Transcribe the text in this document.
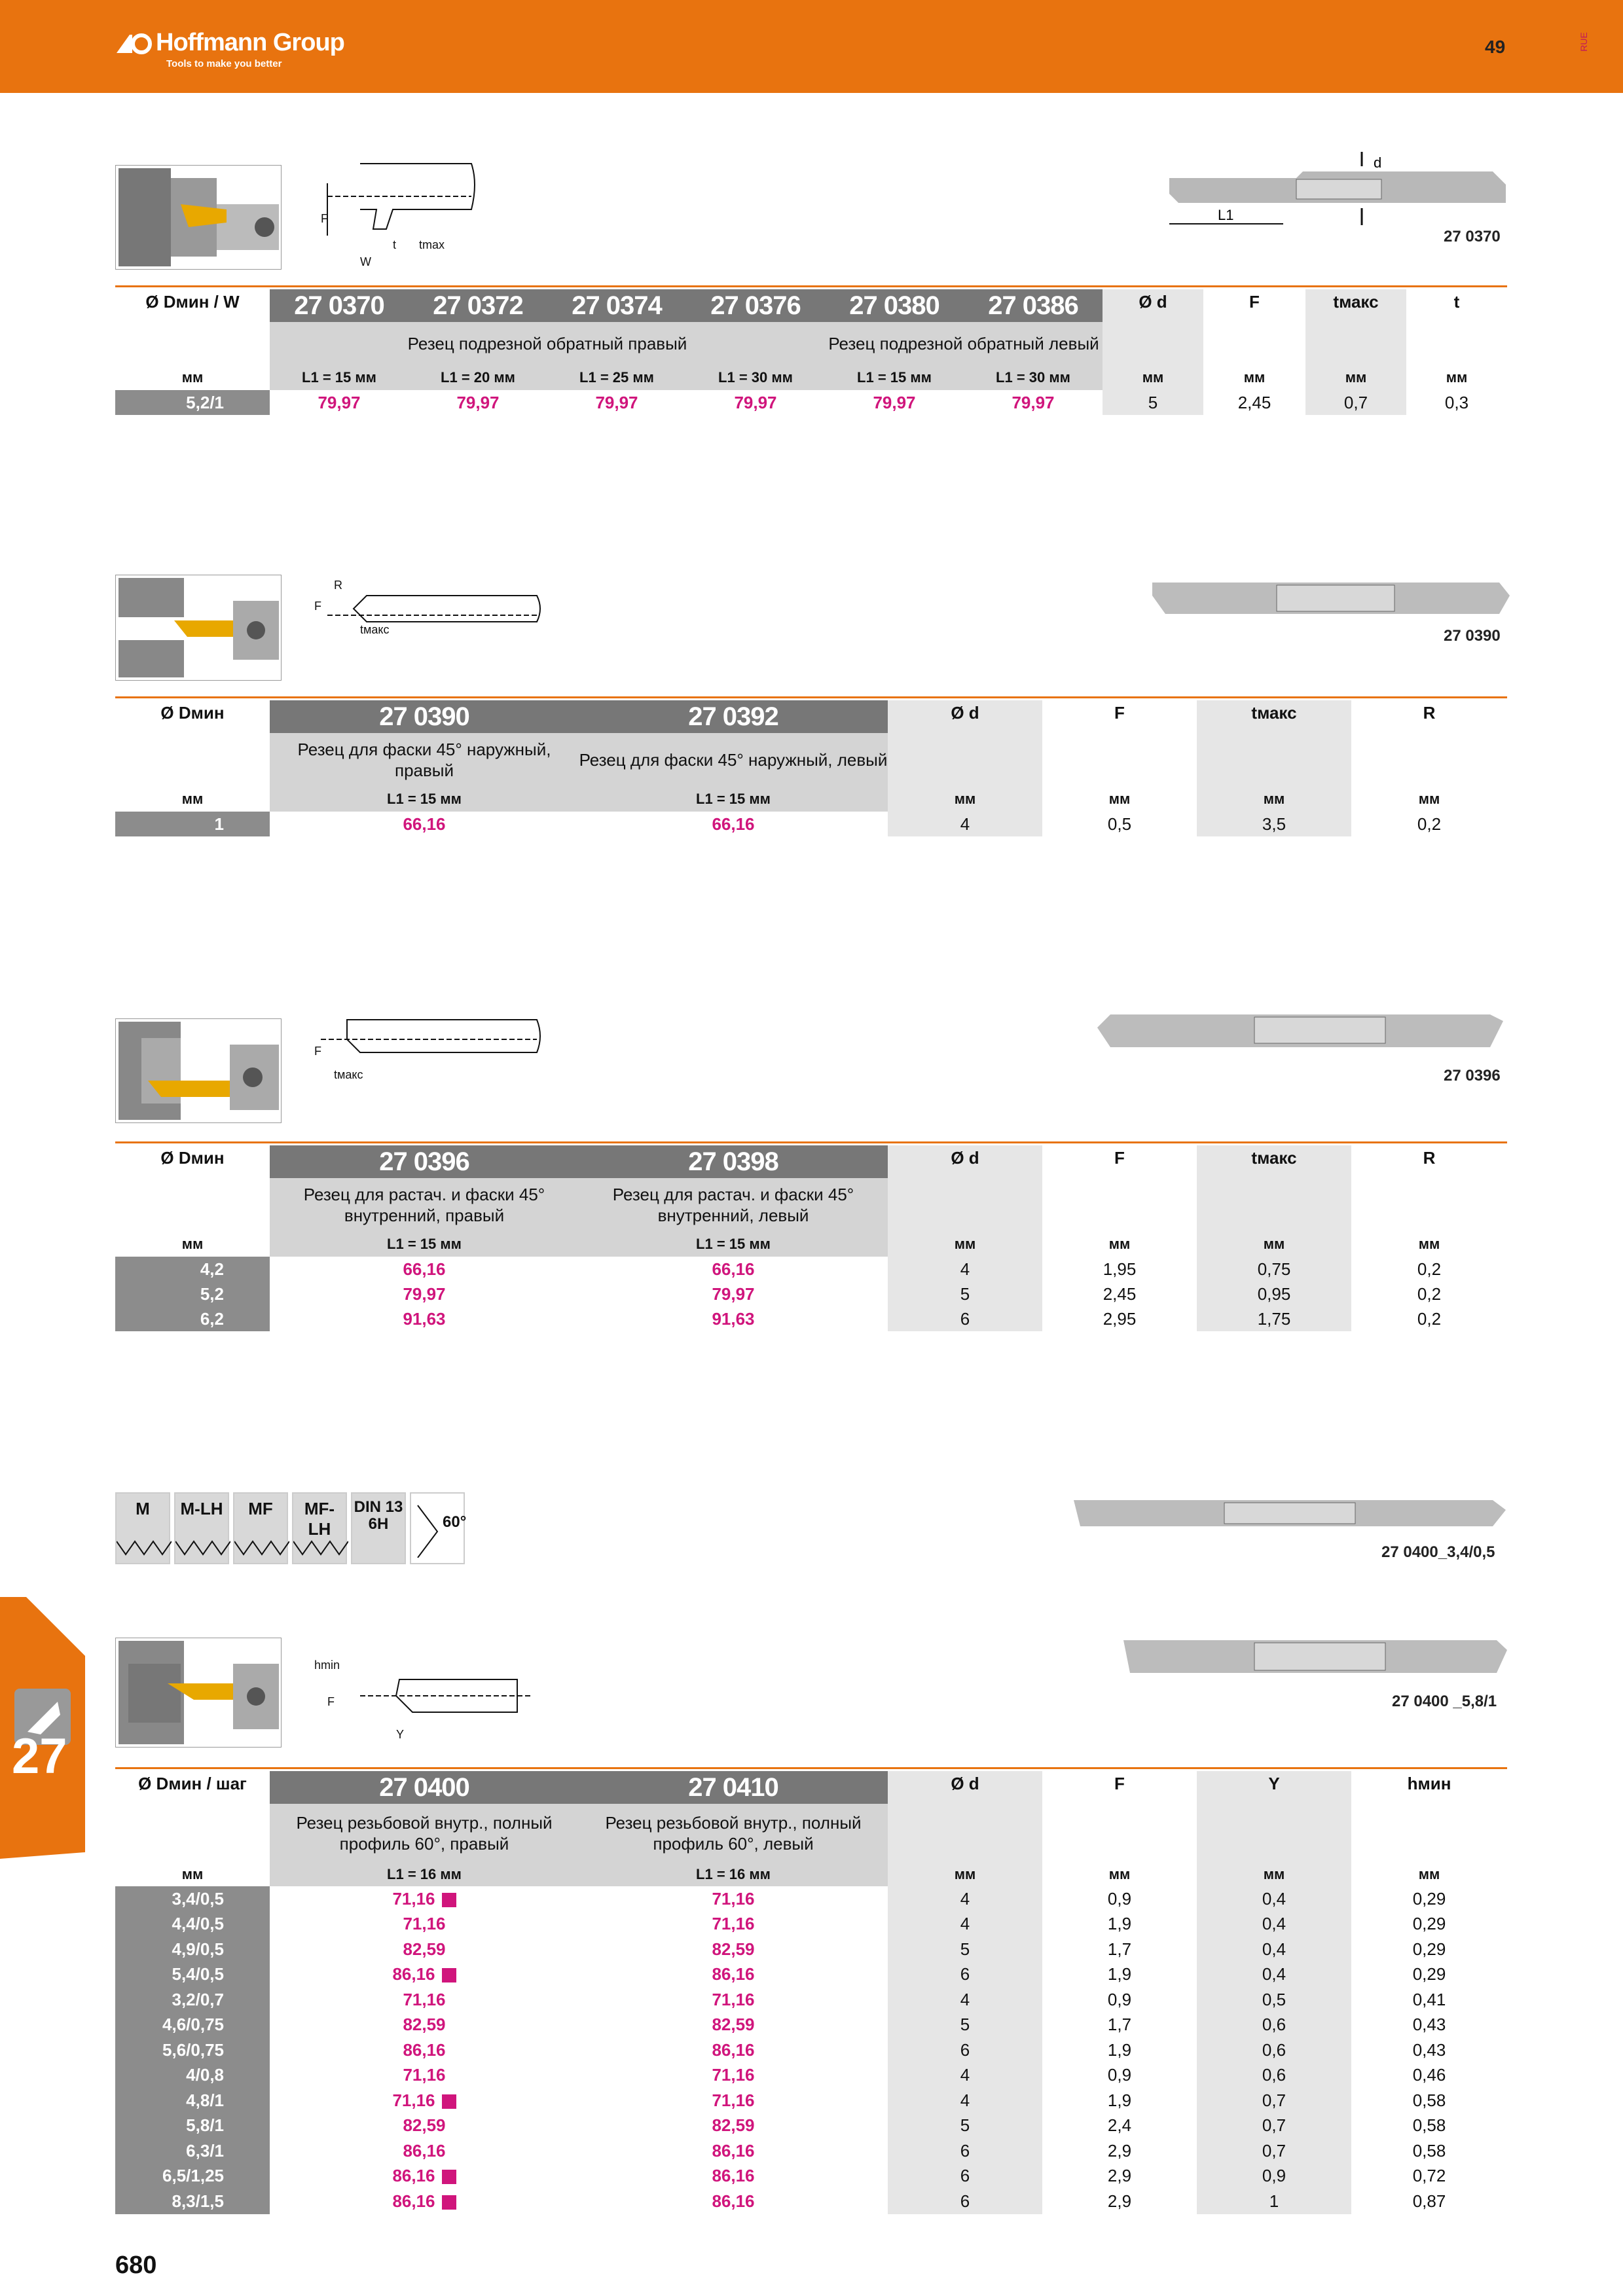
Hoffmann Group
Tools to make you better
49	RUE
F
W
t tmax
d
L1
27 0370
Ø Dмин / W	27 0370	27 0372	27 0374	27 0376	27 0380	27 0386	Ø d	F	tмакс	t
	Резец подрезной обратный правый				Резец подрезной обратный левый					
мм	L1 = 15 мм	L1 = 20 мм	L1 = 25 мм	L1 = 30 мм	L1 = 15 мм	L1 = 30 мм	мм	мм	мм	мм
5,2/1	79,97	79,97	79,97	79,97	79,97	79,97	5	2,45	0,7	0,3
R
F
tмакс	27 0390
Ø Dмин	27 0390	27 0392	Ø d	F	tмакс	R
	Резец для фаски 45° наружный, правый	Резец для фаски 45° наружный, левый				
мм	L1 = 15 мм	L1 = 15 мм	мм	мм	мм	мм
1	66,16	66,16	4	0,5	3,5	0,2
F
tмакс	27 0396
Ø Dмин	27 0396	27 0398	Ø d	F	tмакс	R
	Резец для растач. и фаски 45° внутренний, правый	Резец для растач. и фаски 45° внутренний, левый				
мм	L1 = 15 мм	L1 = 15 мм	мм	мм	мм	мм
4,2	66,16	66,16	4	1,95	0,75	0,2
5,2	79,97	79,97	5	2,45	0,95	0,2
6,2	91,63	91,63	6	2,95	1,75	0,2
M	M-LH	MF	MF-LH
DIN 13 6H	60°
27 0400_3,4/0,5
27 0400 _5,8/1
hmin
F
Y
Ø Dмин / шаг	27 0400	27 0410	Ø d	F	Y	hмин
	Резец резьбовой внутр., полный профиль 60°, правый	Резец резьбовой внутр., полный профиль 60°, левый				
мм	L1 = 16 мм	L1 = 16 мм	мм	мм	мм	мм
3,4/0,5	71,16	71,16	4	0,9	0,4	0,29
4,4/0,5	71,16	71,16	4	1,9	0,4	0,29
4,9/0,5	82,59	82,59	5	1,7	0,4	0,29
5,4/0,5	86,16	86,16	6	1,9	0,4	0,29
3,2/0,7	71,16	71,16	4	0,9	0,5	0,41
4,6/0,75	82,59	82,59	5	1,7	0,6	0,43
5,6/0,75	86,16	86,16	6	1,9	0,6	0,43
4/0,8	71,16	71,16	4	0,9	0,6	0,46
4,8/1	71,16	71,16	4	1,9	0,7	0,58
5,8/1	82,59	82,59	5	2,4	0,7	0,58
6,3/1	86,16	86,16	6	2,9	0,7	0,58
6,5/1,25	86,16	86,16	6	2,9	0,9	0,72
8,3/1,5	86,16	86,16	6	2,9	1	0,87
27
680
